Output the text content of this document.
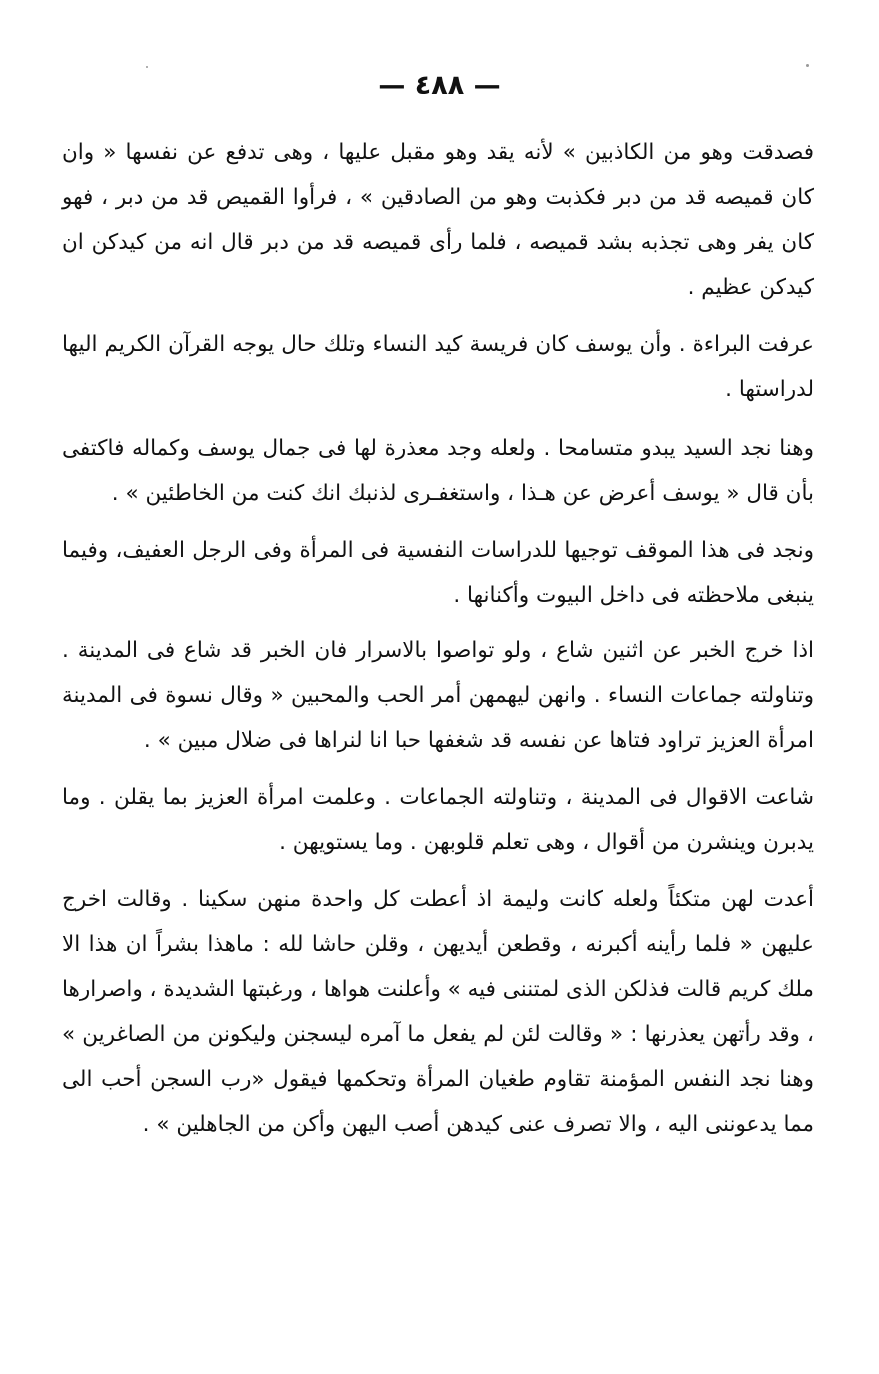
— ٤٨٨ —

فصدقت وهو من الكاذبين » لأنه يقد وهو مقبل عليها ، وهى تدفع عن نفسها « وان كان قميصه قد من دبر فكذبت وهو من الصادقين » ، فرأوا القميص قد من دبر ، فهو كان يفر وهى تجذبه بشد قميصه ، فلما رأى قميصه قد من دبر قال انه من كيدكن ان كيدكن عظيم .

عرفت البراءة . وأن يوسف كان فريسة كيد النساء وتلك حال يوجه القرآن الكريم اليها لدراستها .

وهنا نجد السيد يبدو متسامحا . ولعله وجد معذرة لها فى جمال يوسف وكماله فاكتفى بأن قال « يوسف أعرض عن هـذا ، واستغفـرى لذنبك انك كنت من الخاطئين » .

ونجد فى هذا الموقف توجيها للدراسات النفسية فى المرأة وفى الرجل العفيف، وفيما ينبغى ملاحظته فى داخل البيوت وأكنانها .

اذا خرج الخبر عن اثنين شاع ، ولو تواصوا بالاسرار فان الخبر قد شاع فى المدينة . وتناولته جماعات النساء . وانهن ليهمهن أمر الحب والمحبين « وقال نسوة فى المدينة امرأة العزيز تراود فتاها عن نفسه قد شغفها حبا انا لنراها فى ضلال مبين » .

شاعت الاقوال فى المدينة ، وتناولته الجماعات . وعلمت امرأة العزيز بما يقلن . وما يدبرن وينشرن من أقوال ، وهى تعلم قلوبهن . وما يستويهن .

أعدت لهن متكئاً ولعله كانت وليمة اذ أعطت كل واحدة منهن سكينا . وقالت اخرج عليهن « فلما رأينه أكبرنه ، وقطعن أيديهن ، وقلن حاشا لله : ماهذا بشراً ان هذا الا ملك كريم قالت فذلكن الذى لمتننى فيه » وأعلنت هواها ، ورغبتها الشديدة ، واصرارها ، وقد رأتهن يعذرنها : « وقالت لئن لم يفعل ما آمره ليسجنن وليكونن من الصاغرين » وهنا نجد النفس المؤمنة تقاوم طغيان المرأة وتحكمها فيقول «رب السجن أحب الى مما يدعوننى اليه ، والا تصرف عنى كيدهن أصب اليهن وأكن من الجاهلين » .
